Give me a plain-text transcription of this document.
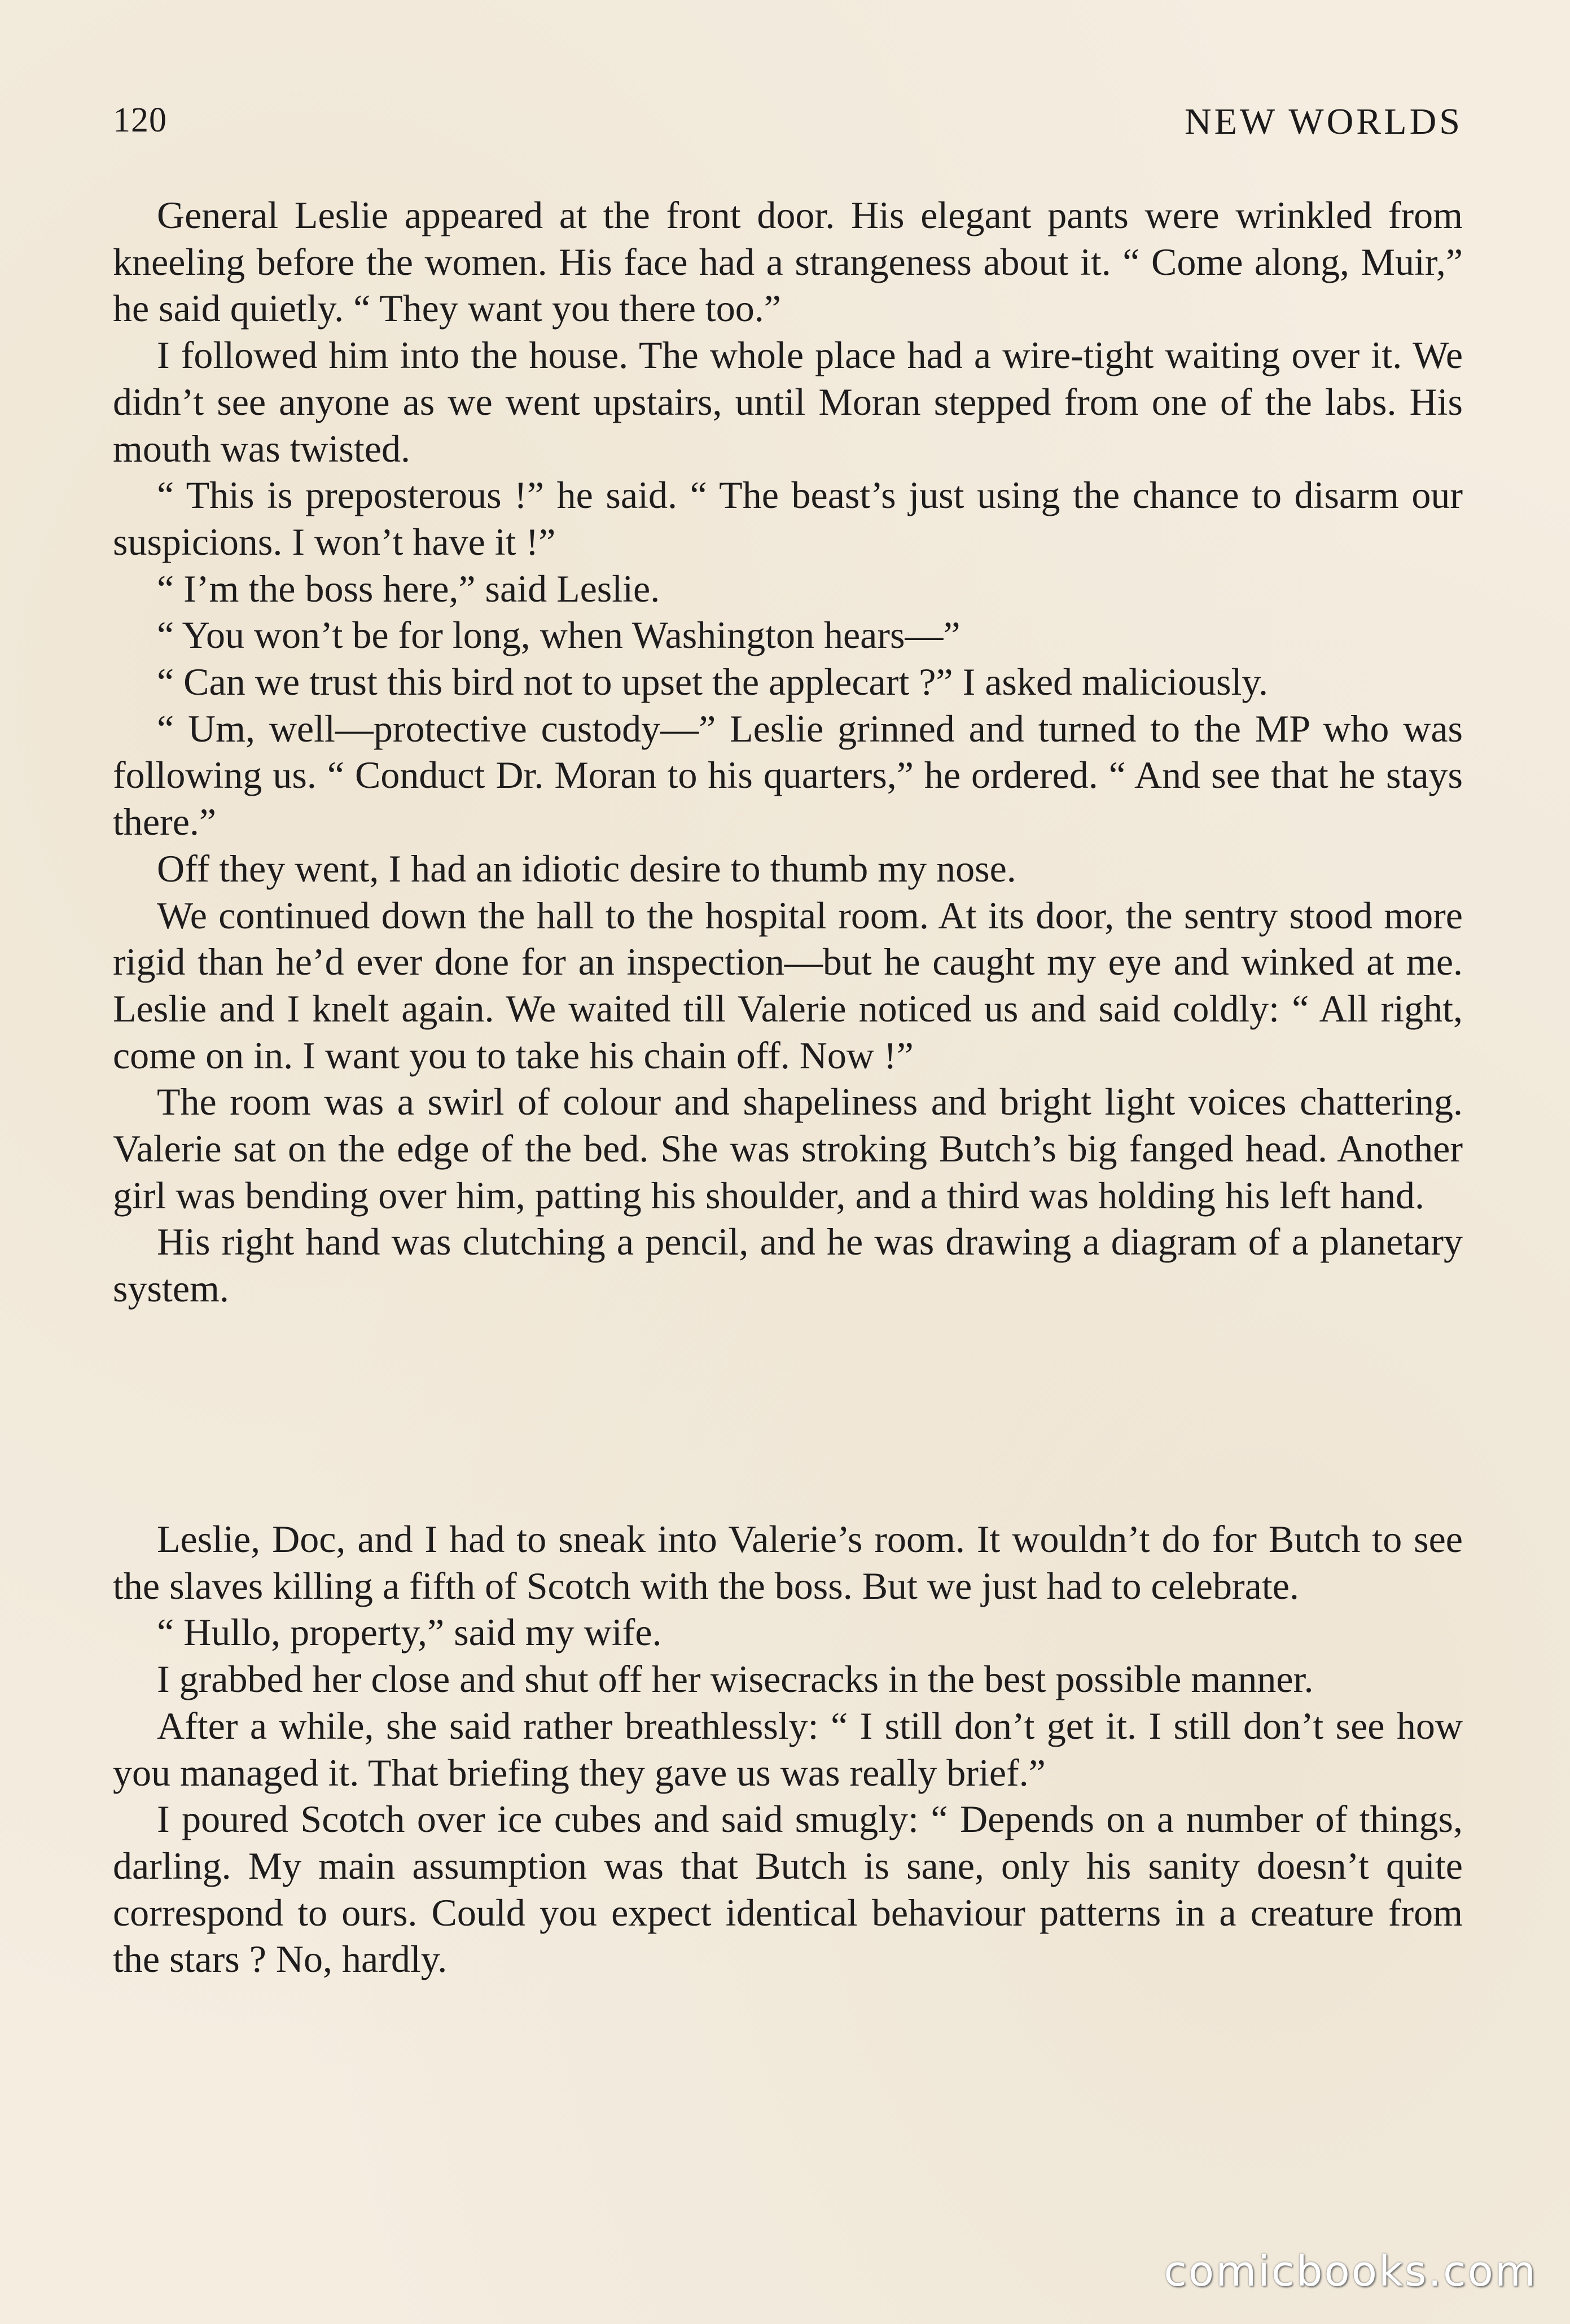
120	NEW WORLDS

General Leslie appeared at the front door. His elegant pants were wrinkled from kneeling before the women. His face had a strangeness about it. “ Come along, Muir,” he said quietly. “ They want you there too.”

I followed him into the house. The whole place had a wire-tight waiting over it. We didn’t see anyone as we went upstairs, until Moran stepped from one of the labs. His mouth was twisted.

“ This is preposterous !” he said. “ The beast’s just using the chance to disarm our suspicions. I won’t have it !”

“ I’m the boss here,” said Leslie.

“ You won’t be for long, when Washington hears—”

“ Can we trust this bird not to upset the applecart ?” I asked maliciously.

“ Um, well—protective custody—” Leslie grinned and turned to the MP who was following us. “ Conduct Dr. Moran to his quarters,” he ordered. “ And see that he stays there.”

Off they went, I had an idiotic desire to thumb my nose.

We continued down the hall to the hospital room. At its door, the sentry stood more rigid than he’d ever done for an inspection—but he caught my eye and winked at me. Leslie and I knelt again. We waited till Valerie noticed us and said coldly: “ All right, come on in. I want you to take his chain off. Now !”

The room was a swirl of colour and shapeliness and bright light voices chattering. Valerie sat on the edge of the bed. She was stroking Butch’s big fanged head. Another girl was bending over him, patting his shoulder, and a third was holding his left hand.

His right hand was clutching a pencil, and he was drawing a diagram of a planetary system.

Leslie, Doc, and I had to sneak into Valerie’s room. It wouldn’t do for Butch to see the slaves killing a fifth of Scotch with the boss. But we just had to celebrate.

“ Hullo, property,” said my wife.

I grabbed her close and shut off her wisecracks in the best possible manner.

After a while, she said rather breathlessly: “ I still don’t get it. I still don’t see how you managed it. That briefing they gave us was really brief.”

I poured Scotch over ice cubes and said smugly: “ Depends on a number of things, darling. My main assumption was that Butch is sane, only his sanity doesn’t quite correspond to ours. Could you expect identical behaviour patterns in a creature from the stars ? No, hardly.

comicbooks.com
